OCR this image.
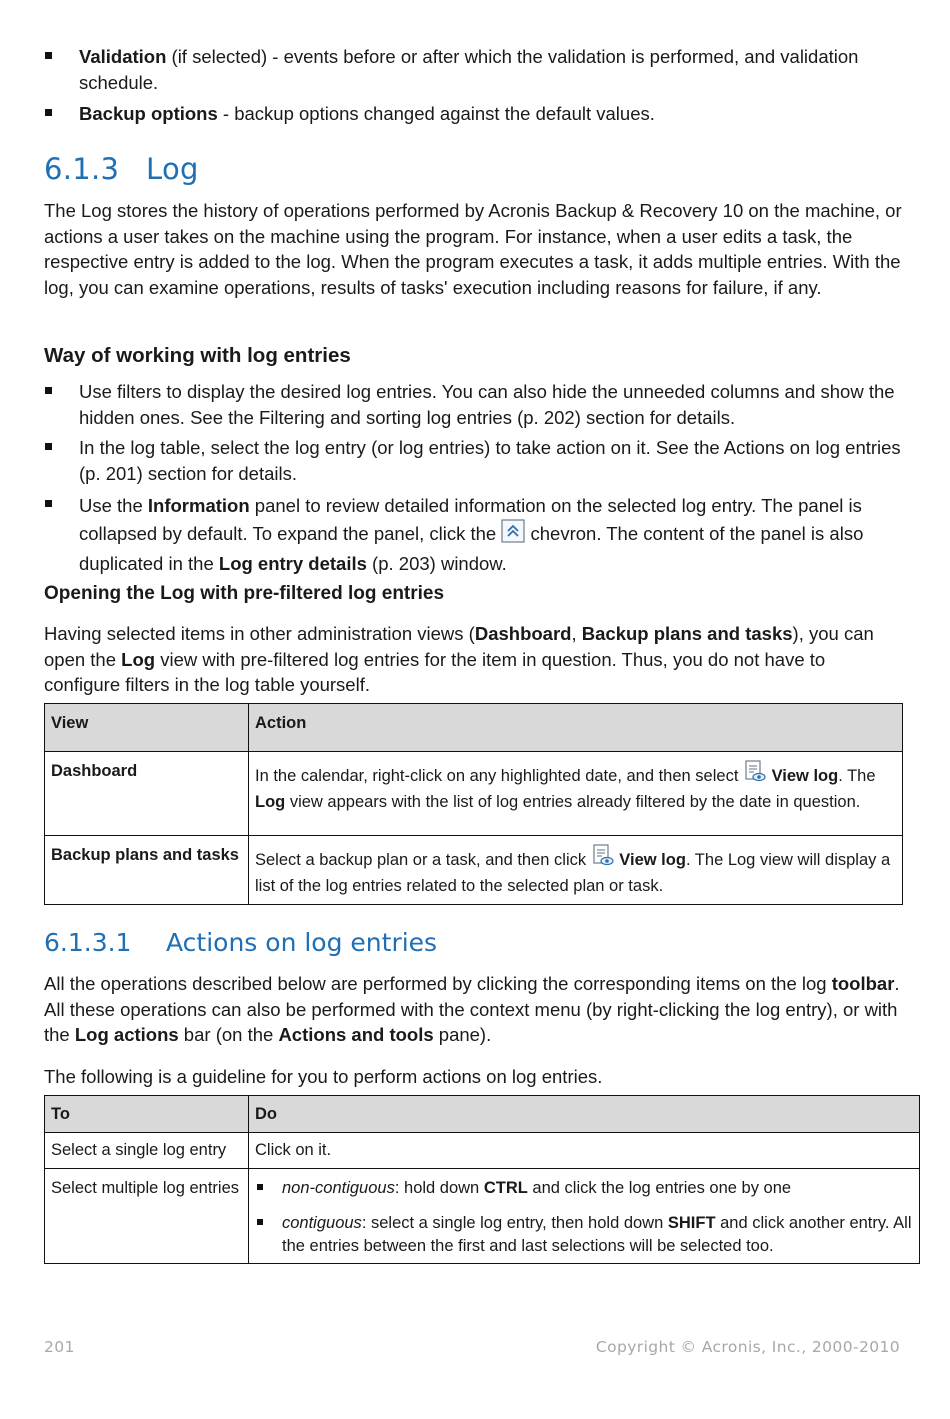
Validation (if selected) - events before or after which the validation is performed, and validation schedule.
Backup options - backup options changed against the default values.
6.1.3 Log
The Log stores the history of operations performed by Acronis Backup & Recovery 10 on the machine, or actions a user takes on the machine using the program. For instance, when a user edits a task, the respective entry is added to the log. When the program executes a task, it adds multiple entries. With the log, you can examine operations, results of tasks' execution including reasons for failure, if any.
Way of working with log entries
Use filters to display the desired log entries. You can also hide the unneeded columns and show the hidden ones. See the Filtering and sorting log entries (p. 202) section for details.
In the log table, select the log entry (or log entries) to take action on it. See the Actions on log entries (p. 201) section for details.
Use the Information panel to review detailed information on the selected log entry. The panel is collapsed by default. To expand the panel, click the  chevron. The content of the panel is also duplicated in the Log entry details (p. 203) window.
Opening the Log with pre-filtered log entries
Having selected items in other administration views (Dashboard, Backup plans and tasks), you can open the Log view with pre-filtered log entries for the item in question. Thus, you do not have to configure filters in the log table yourself.
View	Action
Dashboard	In the calendar, right-click on any highlighted date, and then select  View log. The Log view appears with the list of log entries already filtered by the date in question.
Backup plans and tasks	Select a backup plan or a task, and then click  View log. The Log view will display a list of the log entries related to the selected plan or task.
6.1.3.1 Actions on log entries
All the operations described below are performed by clicking the corresponding items on the log toolbar. All these operations can also be performed with the context menu (by right-clicking the log entry), or with the Log actions bar (on the Actions and tools pane).
The following is a guideline for you to perform actions on log entries.
To	Do
Select a single log entry	Click on it.
Select multiple log entries	non-contiguous: hold down CTRL and click the log entries one by one
contiguous: select a single log entry, then hold down SHIFT and click another entry. All the entries between the first and last selections will be selected too.
201	Copyright © Acronis, Inc., 2000-2010
